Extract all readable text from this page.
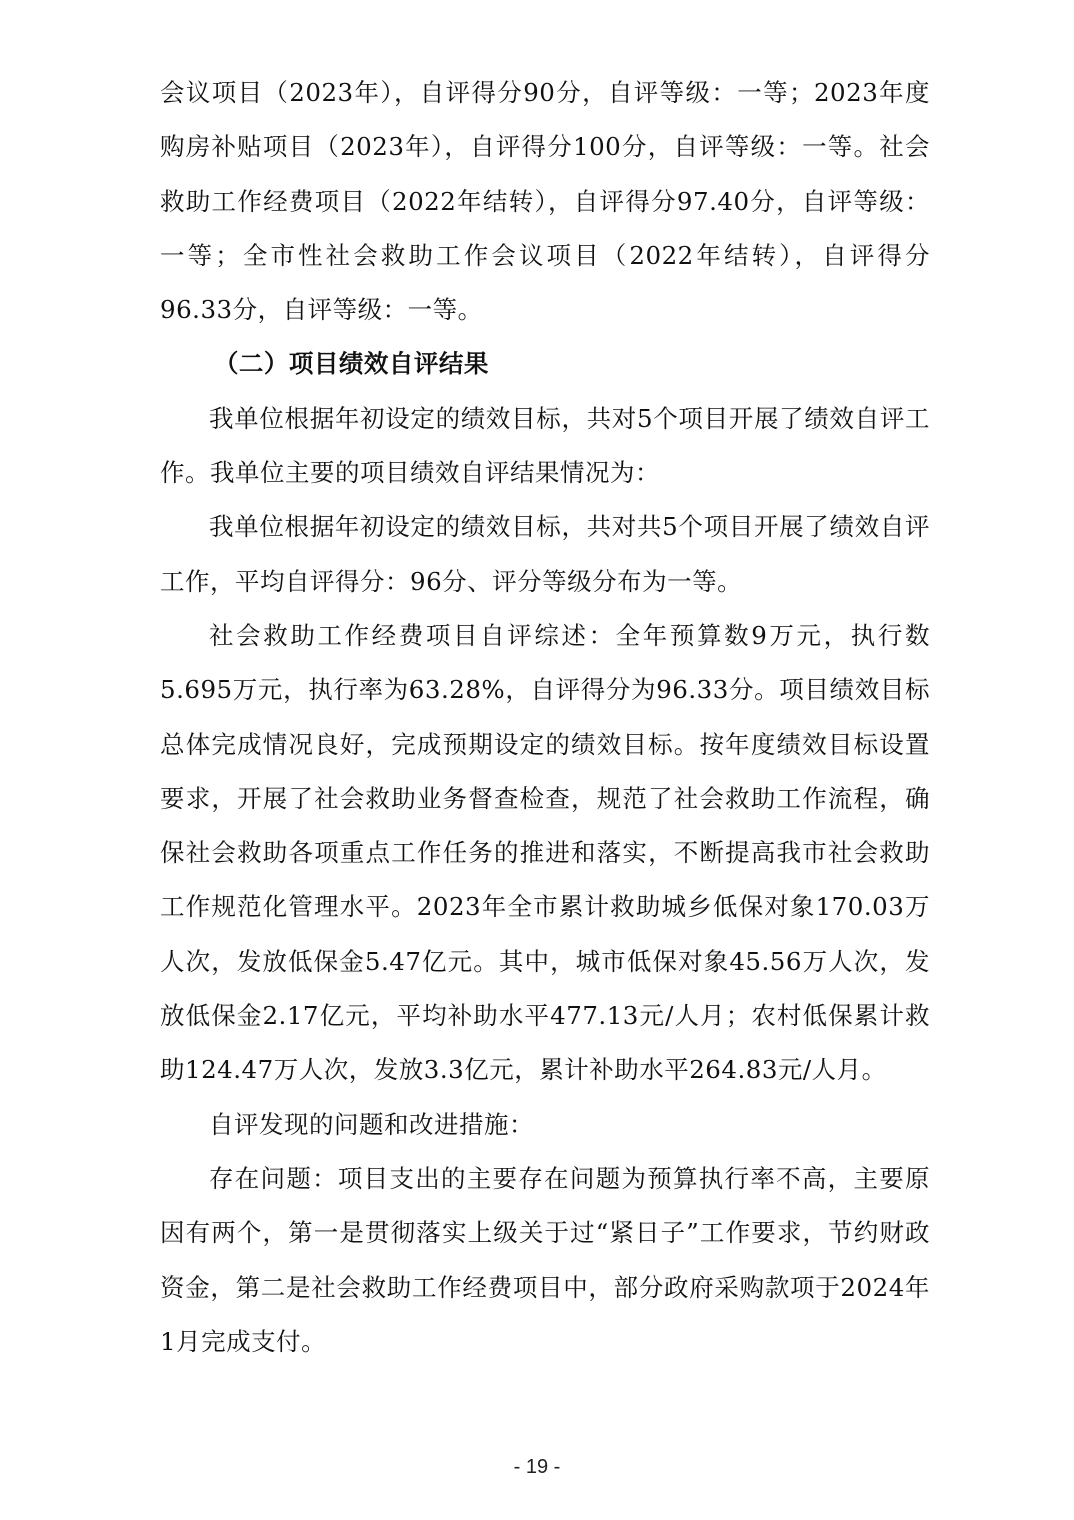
会议项目（2023年），自评得分90分，自评等级：一等；2023年度购房补贴项目（2023年），自评得分100分，自评等级：一等。社会救助工作经费项目（2022年结转），自评得分97.40分，自评等级：一等；全市性社会救助工作会议项目（2022年结转），自评得分96.33分，自评等级：一等。

（二）项目绩效自评结果

我单位根据年初设定的绩效目标，共对5个项目开展了绩效自评工作。我单位主要的项目绩效自评结果情况为：

我单位根据年初设定的绩效目标，共对共5个项目开展了绩效自评工作，平均自评得分：96分、评分等级分布为一等。

社会救助工作经费项目自评综述：全年预算数9万元，执行数5.695万元，执行率为63.28%，自评得分为96.33分。项目绩效目标总体完成情况良好，完成预期设定的绩效目标。按年度绩效目标设置要求，开展了社会救助业务督查检查，规范了社会救助工作流程，确保社会救助各项重点工作任务的推进和落实，不断提高我市社会救助工作规范化管理水平。2023年全市累计救助城乡低保对象170.03万人次，发放低保金5.47亿元。其中，城市低保对象45.56万人次，发放低保金2.17亿元，平均补助水平477.13元/人月；农村低保累计救助124.47万人次，发放3.3亿元，累计补助水平264.83元/人月。

自评发现的问题和改进措施：

存在问题：项目支出的主要存在问题为预算执行率不高，主要原因有两个，第一是贯彻落实上级关于过“紧日子”工作要求，节约财政资金，第二是社会救助工作经费项目中，部分政府采购款项于2024年1月完成支付。

- 19 -
